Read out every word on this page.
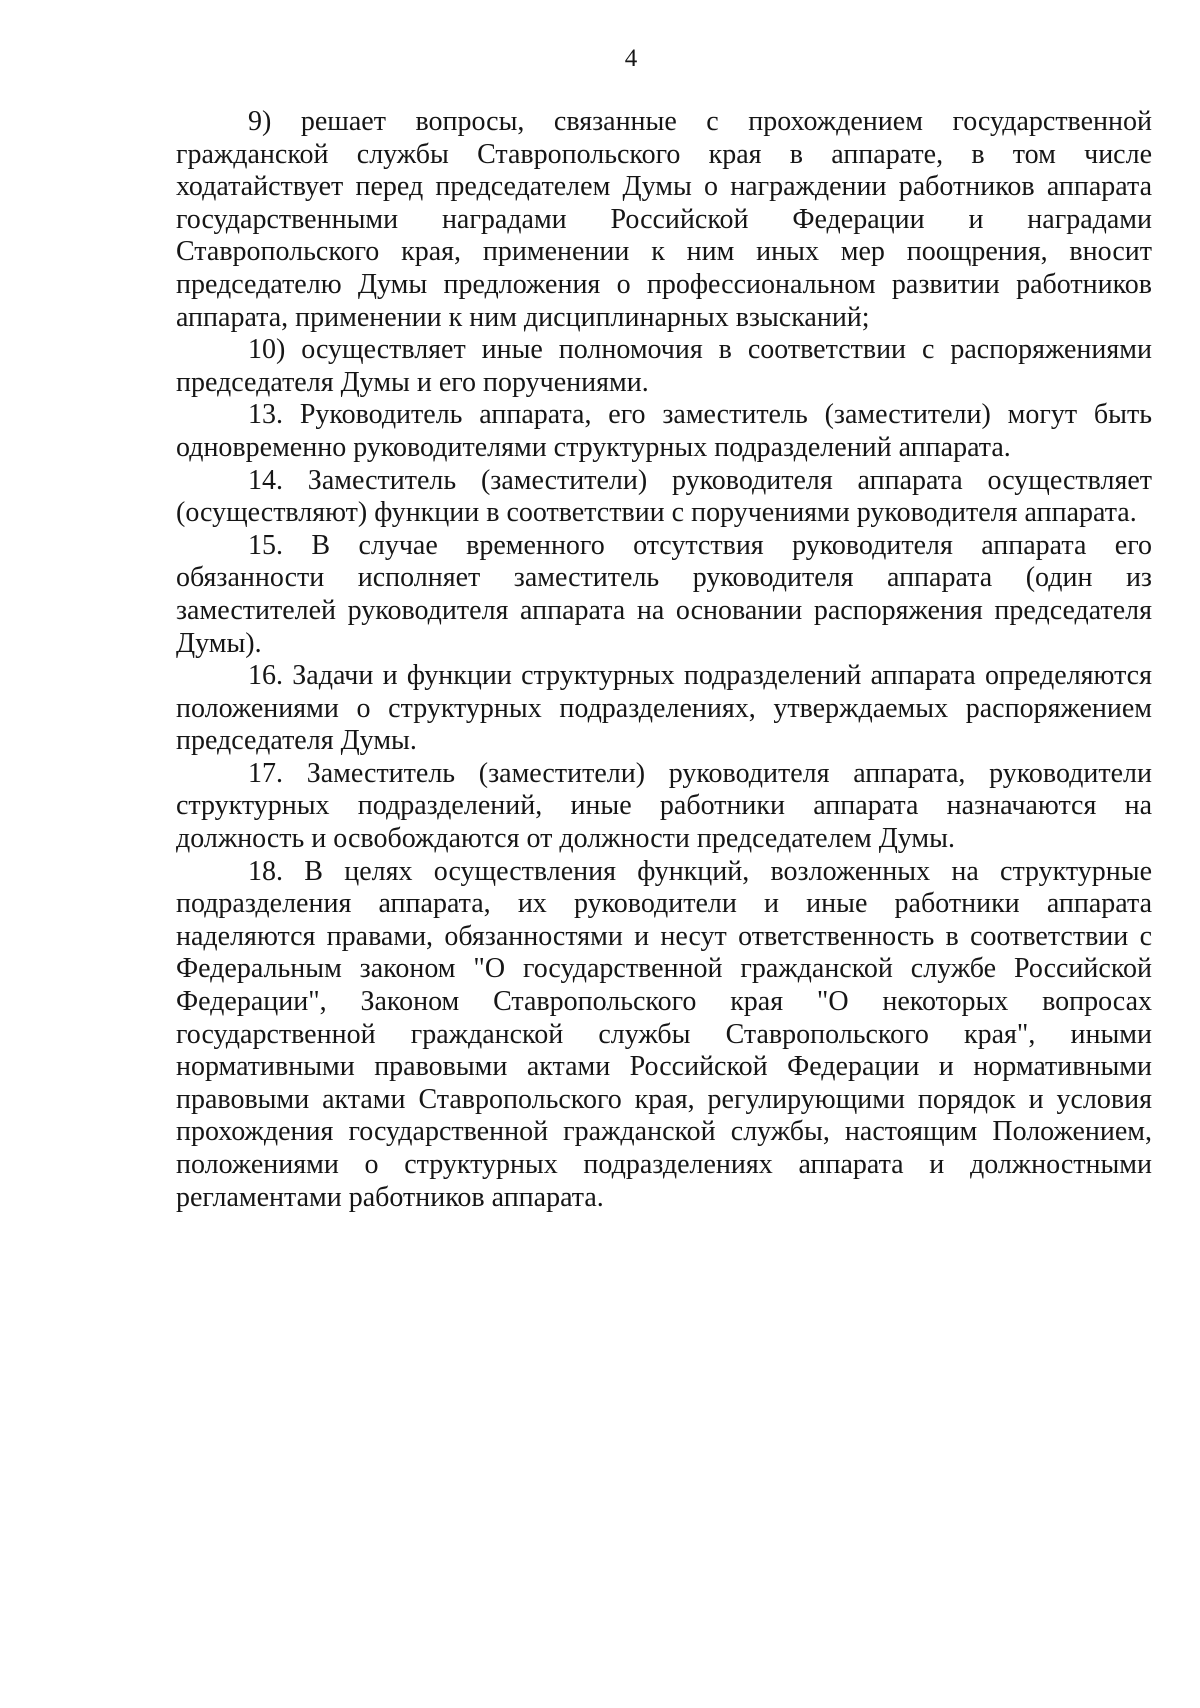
4

9) решает вопросы, связанные с прохождением государственной гражданской службы Ставропольского края в аппарате, в том числе ходатайствует перед председателем Думы о награждении работников аппарата государственными наградами Российской Федерации и наградами Ставропольского края, применении к ним иных мер поощрения, вносит председателю Думы предложения о профессиональном развитии работников аппарата, применении к ним дисциплинарных взысканий;

10) осуществляет иные полномочия в соответствии с распоряжениями председателя Думы и его поручениями.

13. Руководитель аппарата, его заместитель (заместители) могут быть одновременно руководителями структурных подразделений аппарата.

14. Заместитель (заместители) руководителя аппарата осуществляет (осуществляют) функции в соответствии с поручениями руководителя аппарата.

15. В случае временного отсутствия руководителя аппарата его обязанности исполняет заместитель руководителя аппарата (один из заместителей руководителя аппарата на основании распоряжения председателя Думы).

16. Задачи и функции структурных подразделений аппарата определяются положениями о структурных подразделениях, утверждаемых распоряжением председателя Думы.

17. Заместитель (заместители) руководителя аппарата, руководители структурных подразделений, иные работники аппарата назначаются на должность и освобождаются от должности председателем Думы.

18. В целях осуществления функций, возложенных на структурные подразделения аппарата, их руководители и иные работники аппарата наделяются правами, обязанностями и несут ответственность в соответствии с Федеральным законом "О государственной гражданской службе Российской Федерации", Законом Ставропольского края "О некоторых вопросах государственной гражданской службы Ставропольского края", иными нормативными правовыми актами Российской Федерации и нормативными правовыми актами Ставропольского края, регулирующими порядок и условия прохождения государственной гражданской службы, настоящим Положением, положениями о структурных подразделениях аппарата и должностными регламентами работников аппарата.
